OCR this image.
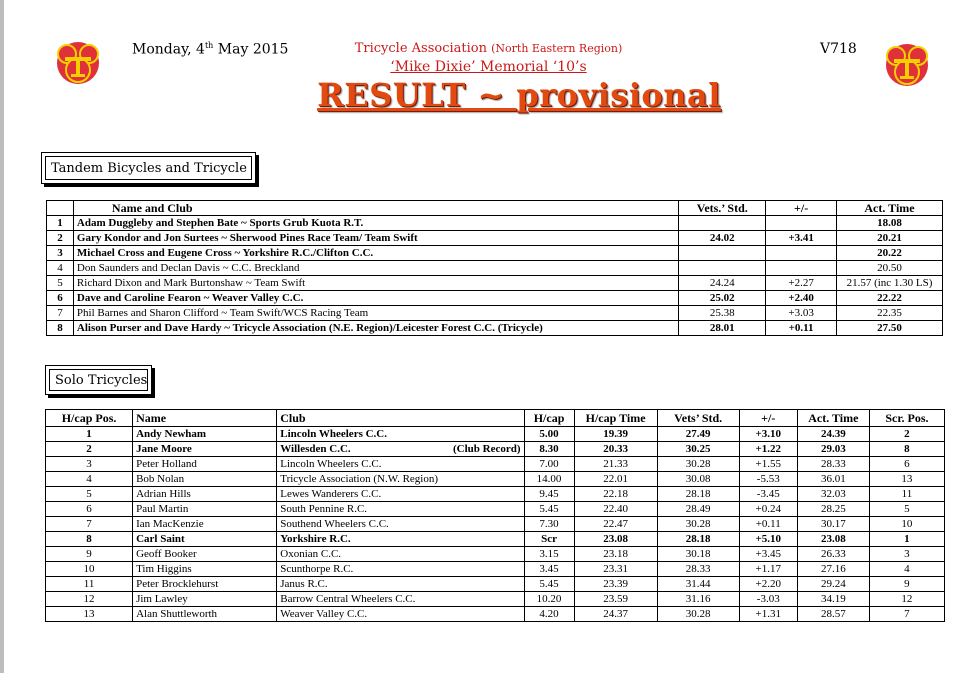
Monday, 4th May 2015	Tricycle Association (North Eastern Region)	V718
‘Mike Dixie’ Memorial ‘10’s
RESULT ~ provisional
Tandem Bicycles and Tricycle
	Name and Club	Vets.’ Std.	+/-	Act. Time
1	Adam Duggleby and Stephen Bate ~ Sports Grub Kuota R.T.			18.08
2	Gary Kondor and Jon Surtees ~ Sherwood Pines Race Team/ Team Swift	24.02	+3.41	20.21
3	Michael Cross and Eugene Cross ~ Yorkshire R.C./Clifton C.C.			20.22
4	Don Saunders and Declan Davis ~ C.C. Breckland			20.50
5	Richard Dixon and Mark Burtonshaw ~ Team Swift	24.24	+2.27	21.57 (inc 1.30 LS)
6	Dave and Caroline Fearon ~ Weaver Valley C.C.	25.02	+2.40	22.22
7	Phil Barnes and Sharon Clifford ~ Team Swift/WCS Racing Team	25.38	+3.03	22.35
8	Alison Purser and Dave Hardy ~ Tricycle Association (N.E. Region)/Leicester Forest C.C. (Tricycle)	28.01	+0.11	27.50
Solo Tricycles
H/cap Pos.	Name	Club	H/cap	H/cap Time	Vets’ Std.	+/-	Act. Time	Scr. Pos.
1	Andy Newham	Lincoln Wheelers C.C.	5.00	19.39	27.49	+3.10	24.39	2
2	Jane Moore	Willesden C.C. (Club Record)	8.30	20.33	30.25	+1.22	29.03	8
3	Peter Holland	Lincoln Wheelers C.C.	7.00	21.33	30.28	+1.55	28.33	6
4	Bob Nolan	Tricycle Association (N.W. Region)	14.00	22.01	30.08	-5.53	36.01	13
5	Adrian Hills	Lewes Wanderers C.C.	9.45	22.18	28.18	-3.45	32.03	11
6	Paul Martin	South Pennine R.C.	5.45	22.40	28.49	+0.24	28.25	5
7	Ian MacKenzie	Southend Wheelers C.C.	7.30	22.47	30.28	+0.11	30.17	10
8	Carl Saint	Yorkshire R.C.	Scr	23.08	28.18	+5.10	23.08	1
9	Geoff Booker	Oxonian C.C.	3.15	23.18	30.18	+3.45	26.33	3
10	Tim Higgins	Scunthorpe R.C.	3.45	23.31	28.33	+1.17	27.16	4
11	Peter Brocklehurst	Janus R.C.	5.45	23.39	31.44	+2.20	29.24	9
12	Jim Lawley	Barrow Central Wheelers C.C.	10.20	23.59	31.16	-3.03	34.19	12
13	Alan Shuttleworth	Weaver Valley C.C.	4.20	24.37	30.28	+1.31	28.57	7
